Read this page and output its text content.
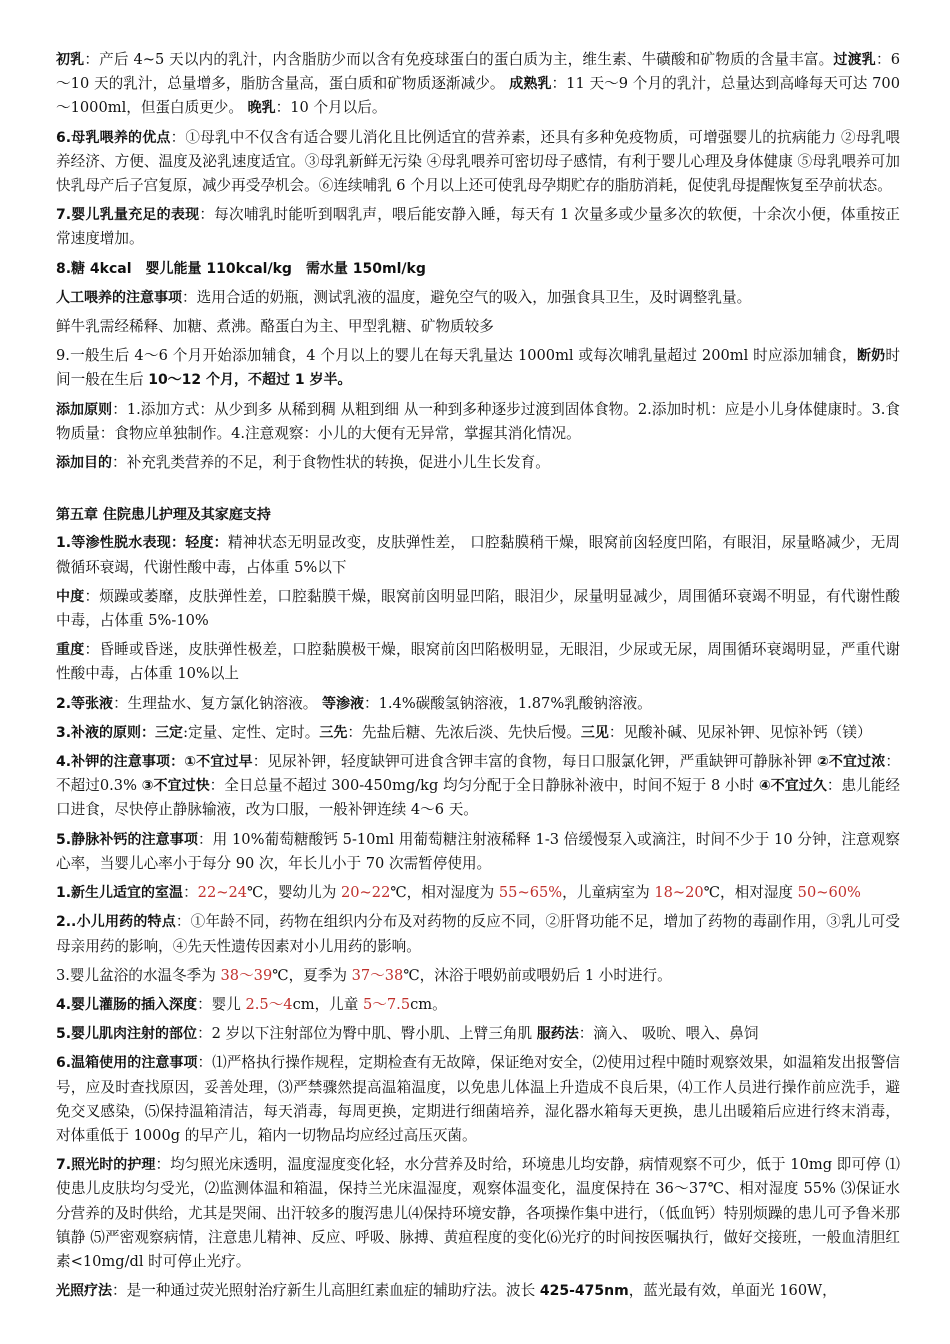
初乳：产后 4~5 天以内的乳汁，内含脂肪少而以含有免疫球蛋白的蛋白质为主，维生素、牛磺酸和矿物质的含量丰富。过渡乳：6～10 天的乳汁，总量增多，脂肪含量高，蛋白质和矿物质逐渐减少。 成熟乳：11 天～9 个月的乳汁，总量达到高峰每天可达 700～1000ml，但蛋白质更少。 晚乳：10 个月以后。

6.母乳喂养的优点：①母乳中不仅含有适合婴儿消化且比例适宜的营养素，还具有多种免疫物质，可增强婴儿的抗病能力 ②母乳喂养经济、方便、温度及泌乳速度适宜。③母乳新鲜无污染 ④母乳喂养可密切母子感情，有利于婴儿心理及身体健康 ⑤母乳喂养可加快乳母产后子宫复原，减少再受孕机会。⑥连续哺乳 6 个月以上还可使乳母孕期贮存的脂肪消耗，促使乳母提醒恢复至孕前状态。

7.婴儿乳量充足的表现：每次哺乳时能听到咽乳声，喂后能安静入睡，每天有 1 次量多或少量多次的软便，十余次小便，体重按正常速度增加。

8.糖 4kcal　婴儿能量 110kcal/kg　需水量 150ml/kg

人工喂养的注意事项：选用合适的奶瓶，测试乳液的温度，避免空气的吸入，加强食具卫生，及时调整乳量。

鲜牛乳需经稀释、加糖、煮沸。酪蛋白为主、甲型乳糖、矿物质较多

9.一般生后 4～6 个月开始添加辅食，4 个月以上的婴儿在每天乳量达 1000ml 或每次哺乳量超过 200ml 时应添加辅食，断奶时间一般在生后 10～12 个月，不超过 1 岁半。

添加原则：1.添加方式：从少到多 从稀到稠 从粗到细 从一种到多种逐步过渡到固体食物。2.添加时机：应是小儿身体健康时。3.食物质量：食物应单独制作。4.注意观察：小儿的大便有无异常，掌握其消化情况。

添加目的：补充乳类营养的不足，利于食物性状的转换，促进小儿生长发育。

第五章 住院患儿护理及其家庭支持

1.等渗性脱水表现：轻度：精神状态无明显改变，皮肤弹性差， 口腔黏膜稍干燥，眼窝前囟轻度凹陷，有眼泪，尿量略减少，无周微循环衰竭，代谢性酸中毒，占体重 5%以下

中度：烦躁或萎靡，皮肤弹性差，口腔黏膜干燥，眼窝前囟明显凹陷，眼泪少，尿量明显减少，周围循环衰竭不明显，有代谢性酸中毒，占体重 5%-10%

重度：昏睡或昏迷，皮肤弹性极差，口腔黏膜极干燥，眼窝前囟凹陷极明显，无眼泪，少尿或无尿，周围循环衰竭明显，严重代谢性酸中毒，占体重 10%以上

2.等张液：生理盐水、复方氯化钠溶液。 等渗液：1.4%碳酸氢钠溶液，1.87%乳酸钠溶液。

3.补液的原则：三定:定量、定性、定时。三先：先盐后糖、先浓后淡、先快后慢。三见：见酸补碱、见尿补钾、见惊补钙（镁）

4.补钾的注意事项：①不宜过早：见尿补钾，轻度缺钾可进食含钾丰富的食物，每日口服氯化钾，严重缺钾可静脉补钾 ②不宜过浓：不超过0.3% ③不宜过快：全日总量不超过 300-450mg/kg 均匀分配于全日静脉补液中，时间不短于 8 小时 ④不宜过久：患儿能经口进食，尽快停止静脉输液，改为口服，一般补钾连续 4～6 天。

5.静脉补钙的注意事项：用 10%葡萄糖酸钙 5-10ml 用葡萄糖注射液稀释 1-3 倍缓慢泵入或滴注，时间不少于 10 分钟，注意观察心率，当婴儿心率小于每分 90 次，年长儿小于 70 次需暂停使用。

1.新生儿适宜的室温：22~24℃，婴幼儿为 20~22℃，相对湿度为 55~65%，儿童病室为 18~20℃，相对湿度 50~60%

2..小儿用药的特点：①年龄不同，药物在组织内分布及对药物的反应不同，②肝肾功能不足，增加了药物的毒副作用，③乳儿可受母亲用药的影响，④先天性遗传因素对小儿用药的影响。

3.婴儿盆浴的水温冬季为 38～39℃，夏季为 37～38℃，沐浴于喂奶前或喂奶后 1 小时进行。

4.婴儿灌肠的插入深度：婴儿 2.5～4cm，儿童 5～7.5cm。

5.婴儿肌肉注射的部位：2 岁以下注射部位为臀中肌、臀小肌、上臂三角肌 服药法：滴入、 吸吮、喂入、鼻饲

6.温箱使用的注意事项：⑴严格执行操作规程，定期检查有无故障，保证绝对安全，⑵使用过程中随时观察效果，如温箱发出报警信号，应及时查找原因，妥善处理，⑶严禁骤然提高温箱温度，以免患儿体温上升造成不良后果，⑷工作人员进行操作前应洗手，避免交叉感染，⑸保持温箱清洁，每天消毒，每周更换，定期进行细菌培养，湿化器水箱每天更换，患儿出暖箱后应进行终末消毒，对体重低于 1000g 的早产儿，箱内一切物品均应经过高压灭菌。

7.照光时的护理：均匀照光床透明，温度湿度变化轻，水分营养及时给，环境患儿均安静，病情观察不可少，低于 10mg 即可停 ⑴使患儿皮肤均匀受光，⑵监测体温和箱温，保持兰光床温湿度，观察体温变化，温度保持在 36～37℃、相对湿度 55% ⑶保证水分营养的及时供给，尤其是哭闹、出汗较多的腹泻患儿⑷保持环境安静，各项操作集中进行，（低血钙）特别烦躁的患儿可予鲁米那镇静 ⑸严密观察病情，注意患儿精神、反应、呼吸、脉搏、黄疸程度的变化⑹光疗的时间按医嘱执行，做好交接班，一般血清胆红素<10mg/dl 时可停止光疗。

光照疗法：是一种通过荧光照射治疗新生儿高胆红素血症的辅助疗法。波长 425-475nm，蓝光最有效，单面光 160W，
